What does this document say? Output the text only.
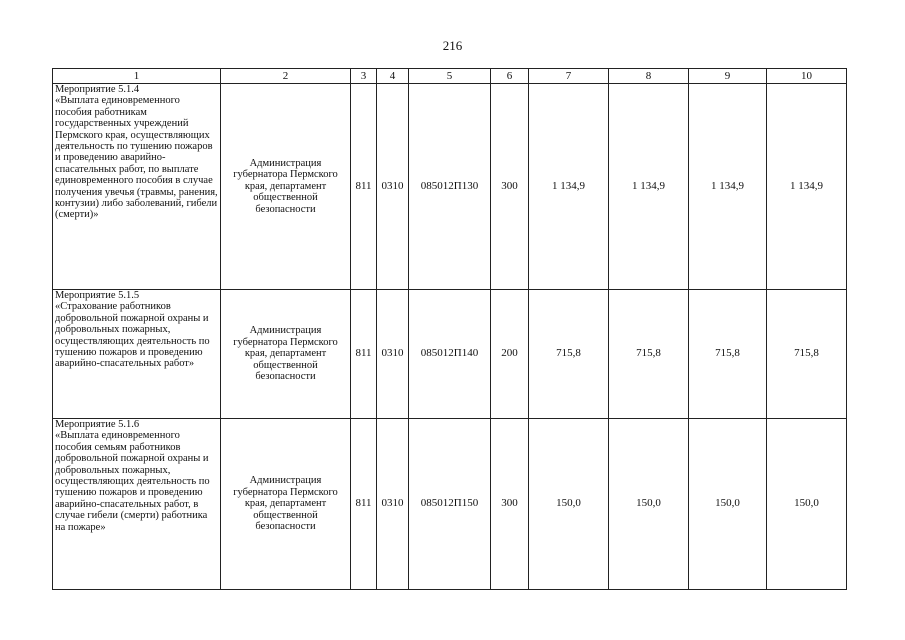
216
1	2	3	4	5	6	7	8	9	10

Мероприятие 5.1.4
«Выплата единовременного пособия работникам государственных учреждений Пермского края, осуществляющих деятельность по тушению пожаров и проведению аварийно-спасательных работ, по выплате единовременного пособия в случае получения увечья (травмы, ранения, контузии) либо заболеваний, гибели (смерти)»	Администрация губернатора Пермского края, департамент общественной безопасности	811	0310	085012П130	300	1 134,9	1 134,9	1 134,9	1 134,9

Мероприятие 5.1.5
«Страхование работников добровольной пожарной охраны и добровольных пожарных, осуществляющих деятельность по тушению пожаров и проведению аварийно-спасательных работ»	Администрация губернатора Пермского края, департамент общественной безопасности	811	0310	085012П140	200	715,8	715,8	715,8	715,8

Мероприятие 5.1.6
«Выплата единовременного пособия семьям работников добровольной пожарной охраны и добровольных пожарных, осуществляющих деятельность по тушению пожаров и проведению аварийно-спасательных работ, в случае гибели (смерти) работника на пожаре»	Администрация губернатора Пермского края, департамент общественной безопасности	811	0310	085012П150	300	150,0	150,0	150,0	150,0
